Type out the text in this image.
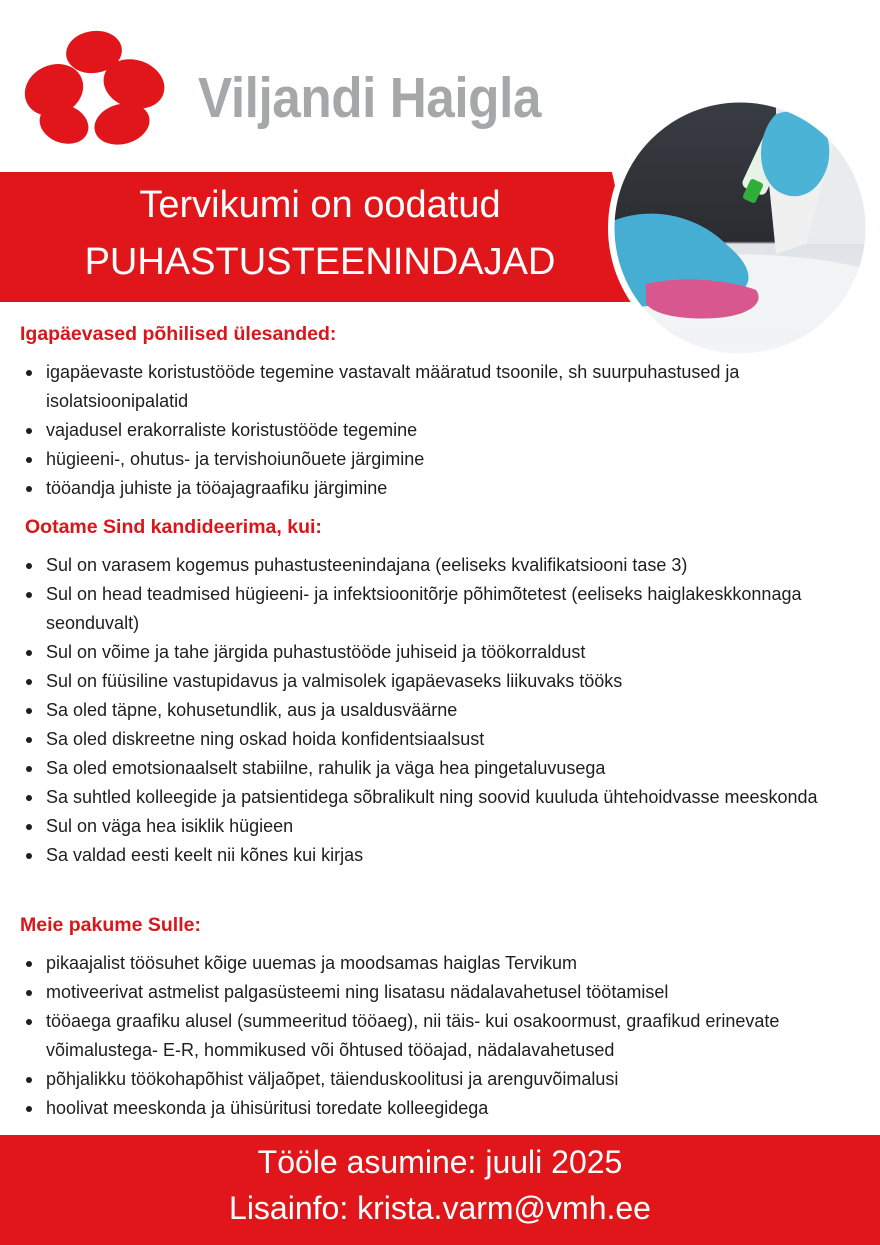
Viljandi Haigla
Tervikumi on oodatud
PUHASTUSTEENINDAJAD
Igapäevased põhilised ülesanded:
igapäevaste koristustööde tegemine vastavalt määratud tsoonile, sh suurpuhastused ja isolatsioonipalatid
vajadusel erakorraliste koristustööde tegemine
hügieeni-, ohutus- ja tervishoiunõuete järgimine
tööandja juhiste ja tööajagraafiku järgimine
Ootame Sind kandideerima, kui:
Sul on varasem kogemus puhastusteenindajana (eeliseks kvalifikatsiooni tase 3)
Sul on head teadmised hügieeni- ja infektsioonitõrje põhimõtetest (eeliseks haiglakeskkonnaga seonduvalt)
Sul on võime ja tahe järgida puhastustööde juhiseid ja töökorraldust
Sul on füüsiline vastupidavus ja valmisolek igapäevaseks liikuvaks tööks
Sa oled täpne, kohusetundlik, aus ja usaldusväärne
Sa oled diskreetne ning oskad hoida konfidentsiaalsust
Sa oled emotsionaalselt stabiilne, rahulik ja väga hea pingetaluvusega
Sa suhtled kolleegide ja patsientidega sõbralikult ning soovid kuuluda ühtehoidvasse meeskonda
Sul on väga hea isiklik hügieen
Sa valdad eesti keelt nii kõnes kui kirjas
Meie pakume Sulle:
pikaajalist töösuhet kõige uuemas ja moodsamas haiglas Tervikum
motiveerivat astmelist palgasüsteemi ning lisatasu nädalavahetusel töötamisel
tööaega graafiku alusel (summeeritud tööaeg), nii täis- kui osakoormust, graafikud erinevate võimalustega- E-R, hommikused või õhtused tööajad, nädalavahetused
põhjalikku töökohapõhist väljaõpet, täienduskoolitusi ja arenguvõimalusi
hoolivat meeskonda ja ühisüritusi toredate kolleegidega
Tööle asumine: juuli 2025
Lisainfo: krista.varm@vmh.ee
